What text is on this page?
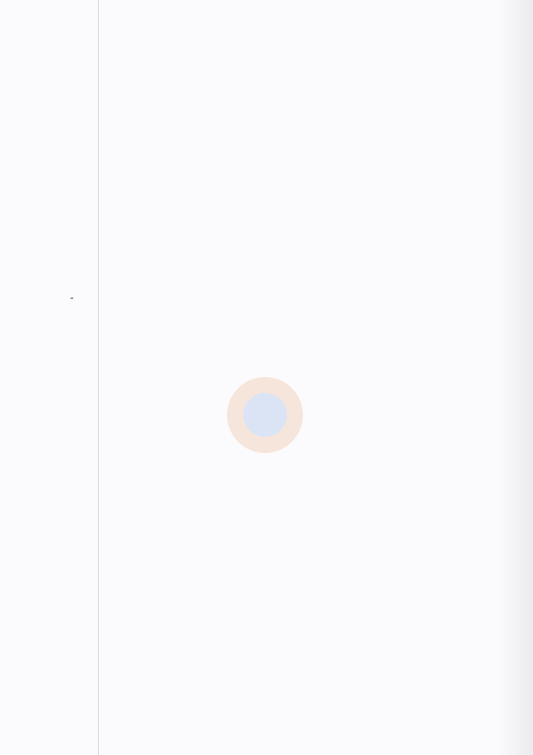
-
